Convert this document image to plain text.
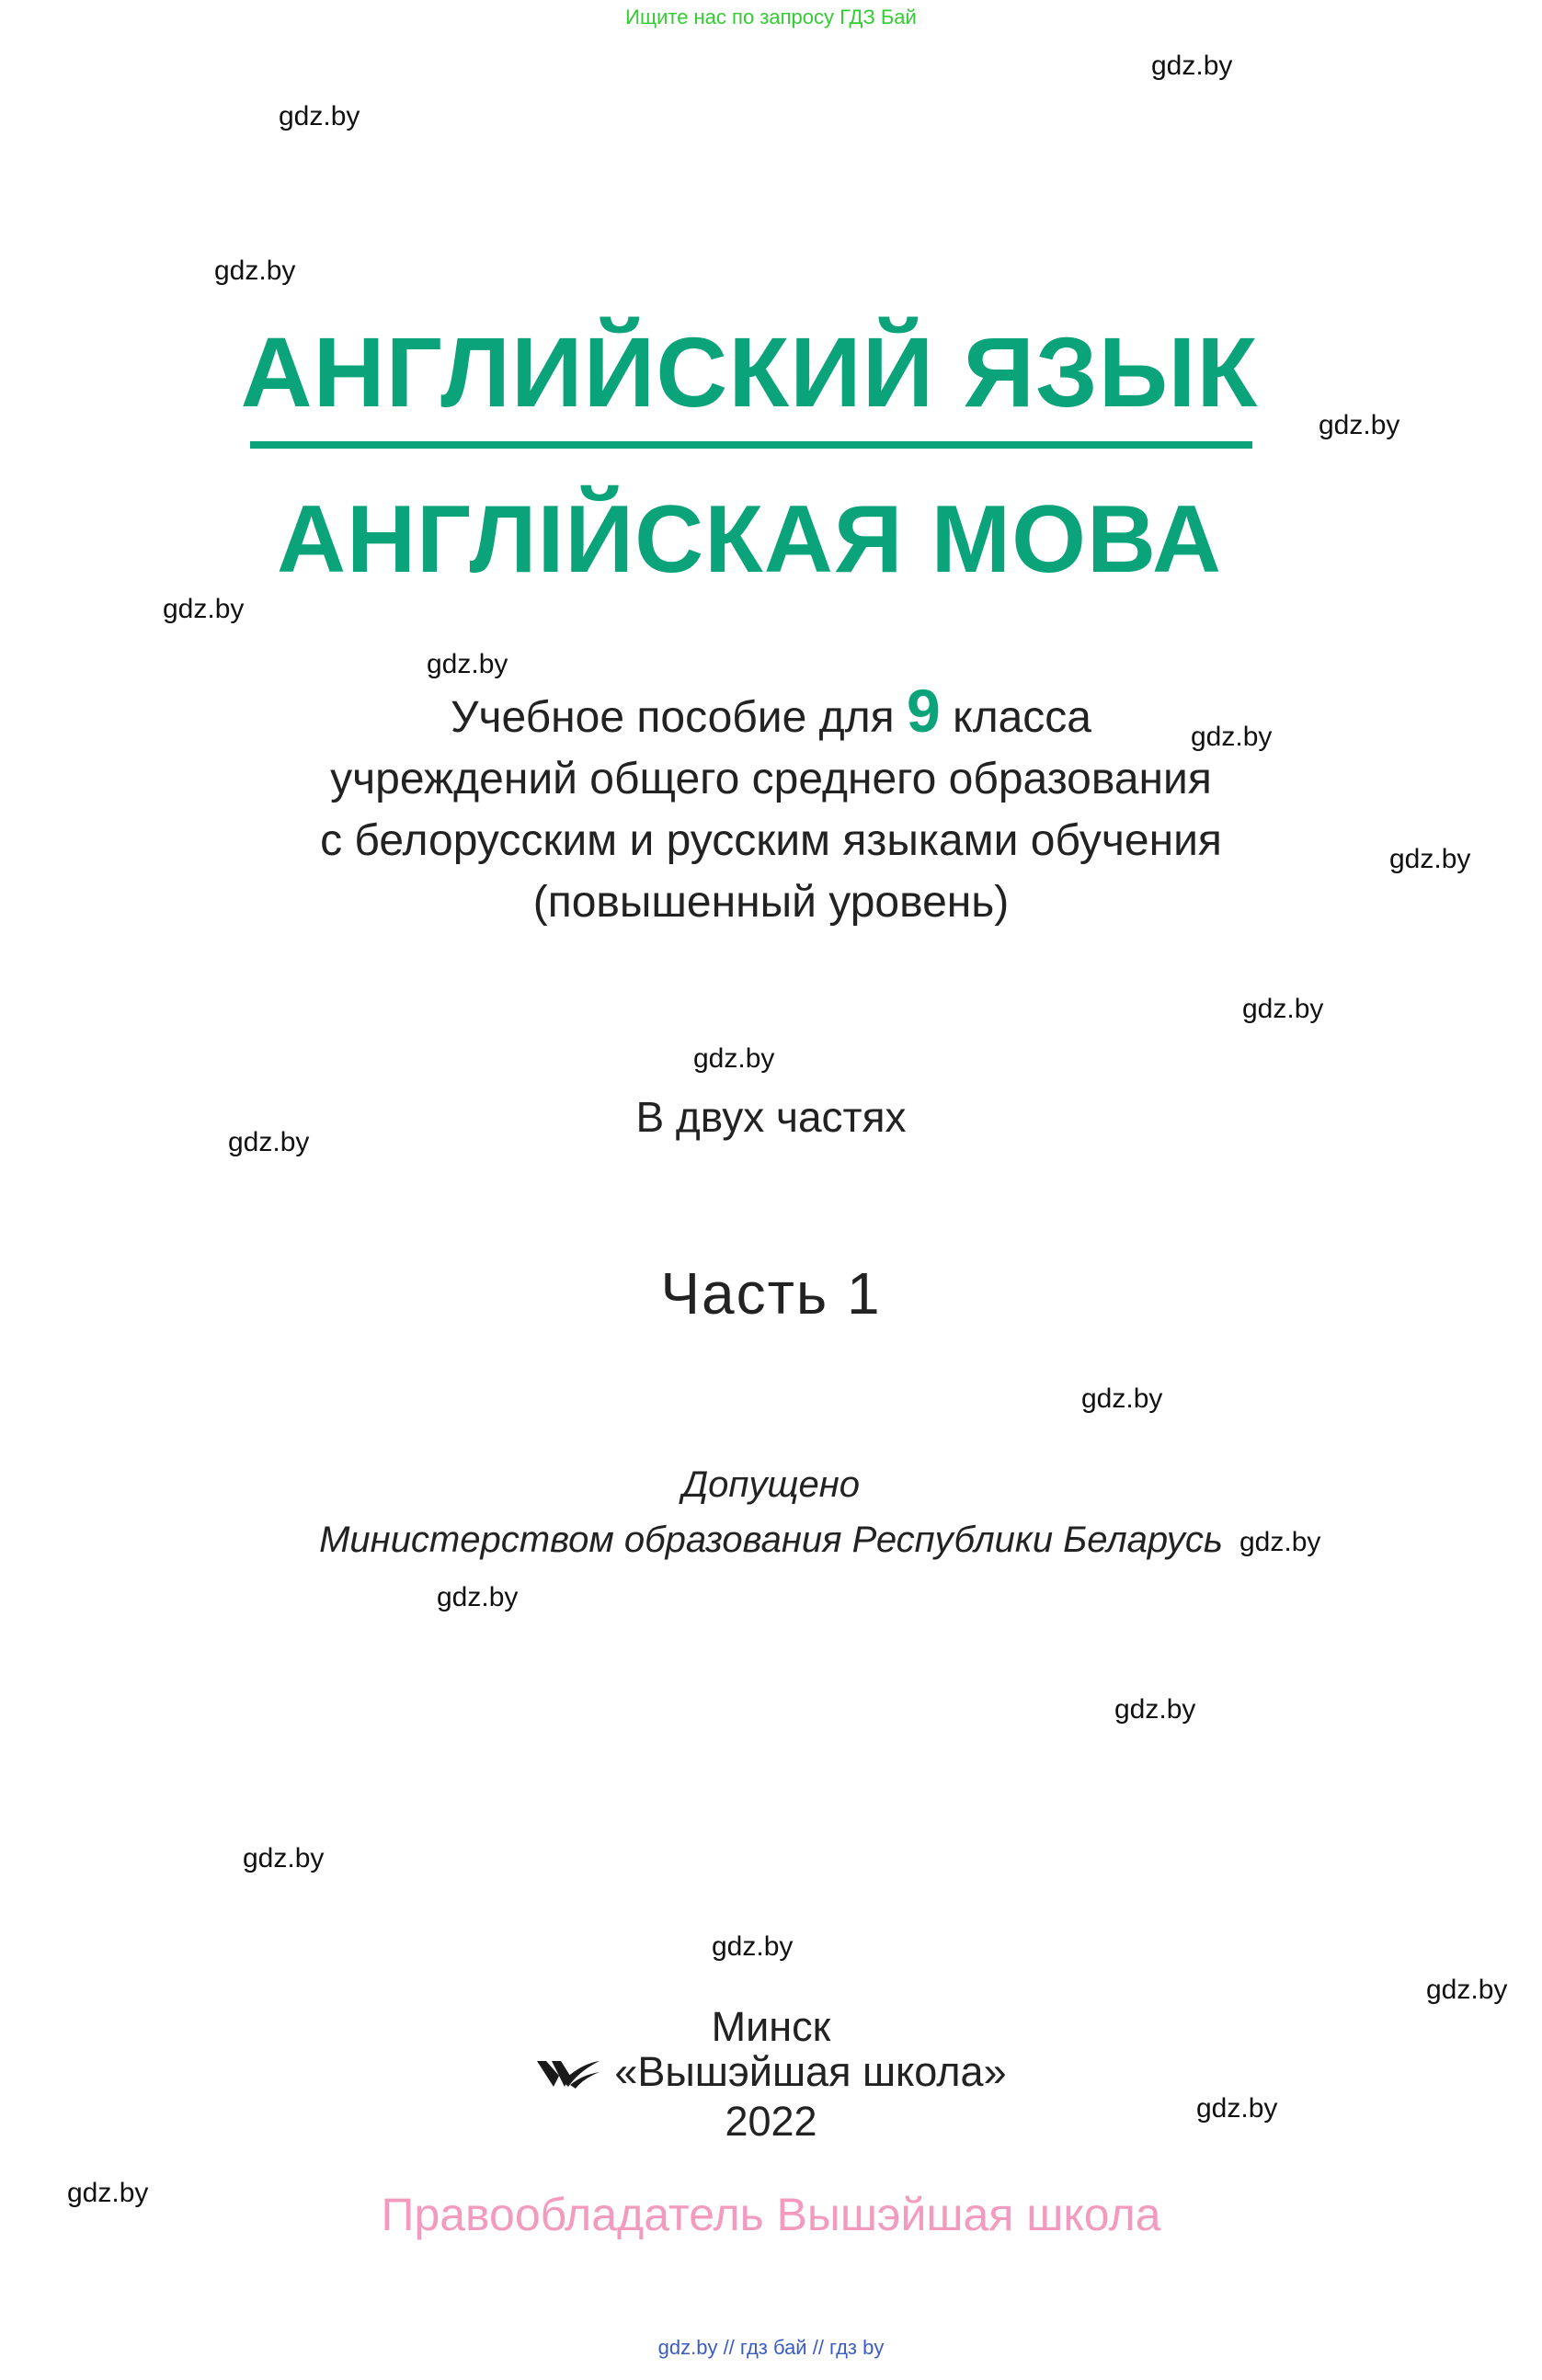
Ищите нас по запросу ГДЗ Бай
АНГЛИЙСКИЙ ЯЗЫК
АНГЛІЙСКАЯ МОВА
Учебное пособие для 9 класса
учреждений общего среднего образования
с белорусским и русским языками обучения
(повышенный уровень)
В двух частях
Часть 1
Допущено
Министерством образования Республики Беларусь
Минск
«Вышэйшая школа»
2022
Правообладатель Вышэйшая школа
gdz.by // гдз бай // гдз by
gdz.by
gdz.by
gdz.by
gdz.by
gdz.by
gdz.by
gdz.by
gdz.by
gdz.by
gdz.by
gdz.by
gdz.by
gdz.by
gdz.by
gdz.by
gdz.by
gdz.by
gdz.by
gdz.by
gdz.by
